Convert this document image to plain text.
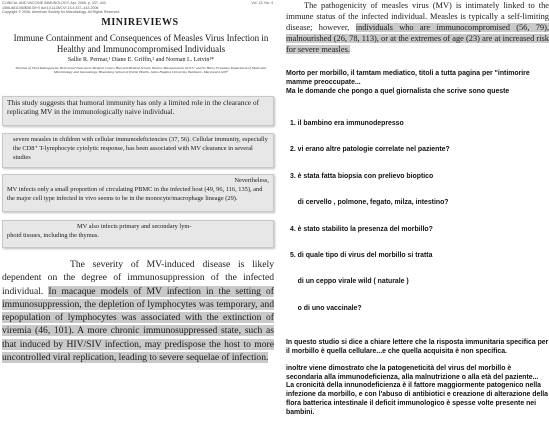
CLINICAL AND VACCINE IMMUNOLOGY, Apr. 2006, p. 437–443
1556-6811/06/$08.00+0 doi:10.1128/CVI.13.4.437–443.2006
Copyright © 2006, American Society for Microbiology. All Rights Reserved.
Vol. 13, No. 4
MINIREVIEWS
Immune Containment and Consequences of Measles Virus Infection in Healthy and Immunocompromised Individuals
Sallie R. Permar,¹ Diane E. Griffin,² and Norman L. Letvin¹*
Division of Viral Pathogenesis, Beth Israel Deaconess Medical Center, Harvard Medical School, Boston, Massachusetts 02115,¹ and W. Harry Feinstone Department of Molecular Microbiology and Immunology, Bloomberg School of Public Health, Johns Hopkins University, Baltimore, Maryland 21205²
This study suggests that humoral immunity has only a limited role in the clearance of replicating MV in the immunologically naive individual.
severe measles in children with cellular immunodeficiencies (37, 56). Cellular immunity, especially the CD8⁺ T-lymphocyte cytolytic response, has been associated with MV clearance in several studies
Nevertheless,
MV infects only a small proportion of circulating PBMC in the infected host (49, 96, 116, 135), and the major cell type infected in vivo seems to be in the monocyte/macrophage lineage (29).
MV also infects primary and secondary lym-
phoid tissues, including the thymus.
The severity of MV-induced disease is likely dependent on the degree of immunosuppression of the infected individual. In macaque models of MV infection in the setting of immunosuppression, the depletion of lymphocytes was temporary, and repopulation of lymphocytes was associated with the extinction of viremia (46, 101). A more chronic immunosuppressed state, such as that induced by HIV/SIV infection, may predispose the host to more uncontrolled viral replication, leading to severe sequelae of infection.
The pathogenicity of measles virus (MV) is intimately linked to the immune status of the infected individual. Measles is typically a self-limiting disease; however, individuals who are immunocompromised (56, 79), malnourished (26, 78, 113), or at the extremes of age (23) are at increased risk for severe measles.

Morto per morbillo, il tamtam mediatico, titoli a tutta pagina per "intimorire mamme preoccupate...

Ma le domande che pongo a quel giornalista che scrive sono queste

1. il bambino era immunodepresso

2. vi erano altre patologie correlate nel paziente?

3. è stata fatta biopsia con prelievo bioptico

di cervello , polmone, fegato, milza, intestino?

4. è stato stabilito la presenza del morbillo?

5. di quale tipo di virus del morbillo si tratta

di un ceppo virale wild ( naturale )

o di uno vaccinale?

In questo studio si dice a chiare lettere che la risposta immunitaria specifica per il morbillo è quella cellulare...e che quella acquisita è non specifica.

inoltre viene dimostrato che la patogeneticità del virus del morbillo è secondaria alla immunodeficienza, alla malnutrizione o alla età del paziente...

La cronicità della innunodeficienza è il fattore maggiormente patogenico nella infezione da morbillo, e con l'abuso di antibiotici e creazione di alterazione della flora batterica intestinale il deficit immunologico è spesse volte presente nei bambini.
